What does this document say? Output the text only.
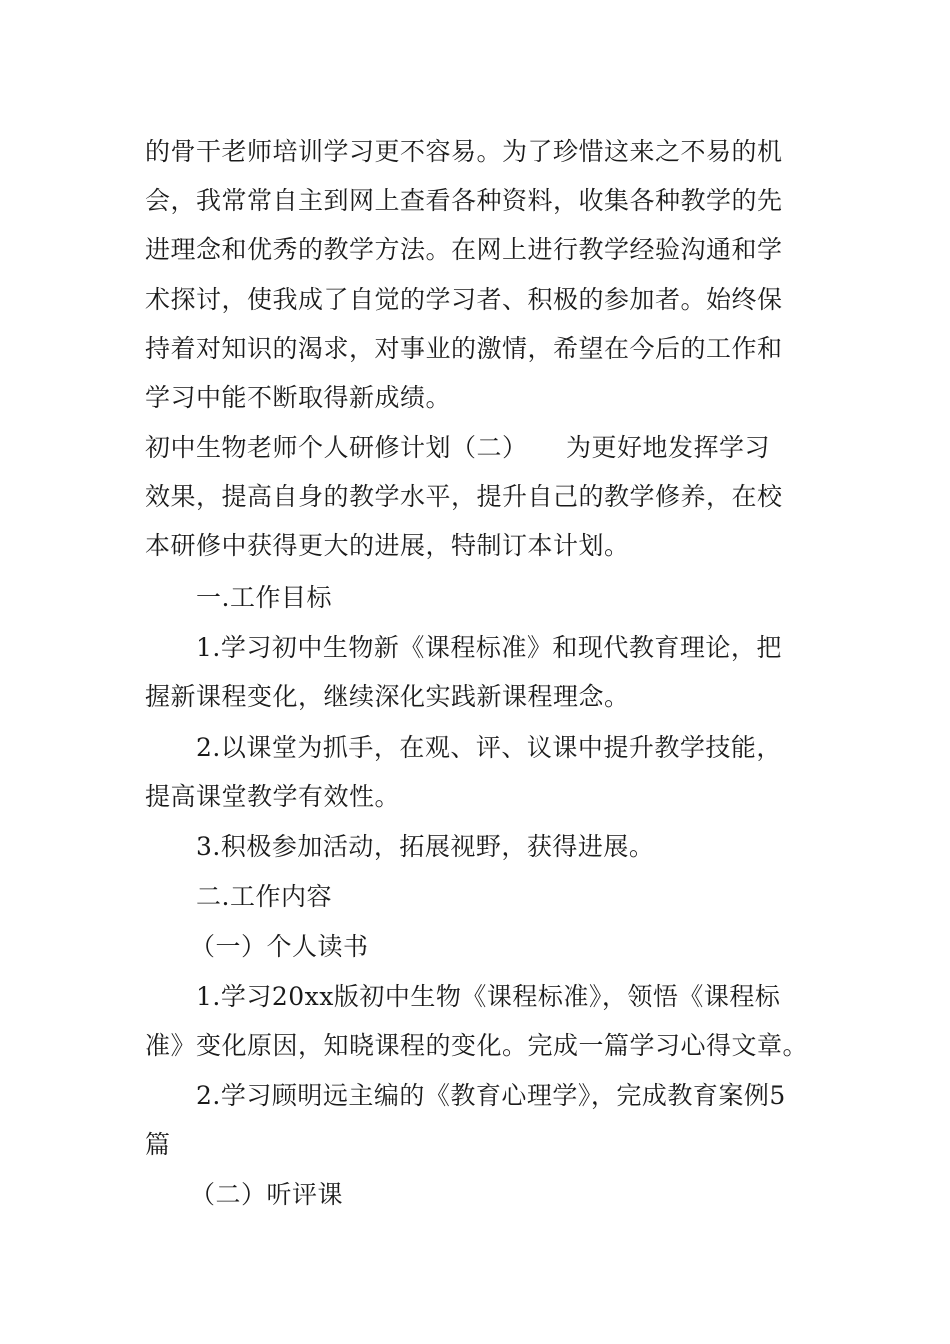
的骨干老师培训学习更不容易。为了珍惜这来之不易的机
会，我常常自主到网上查看各种资料，收集各种教学的先
进理念和优秀的教学方法。在网上进行教学经验沟通和学
术探讨，使我成了自觉的学习者、积极的参加者。始终保
持着对知识的渴求，对事业的激情，希望在今后的工作和
学习中能不断取得新成绩。
初中生物老师个人研修计划（二）　　为更好地发挥学习
效果，提高自身的教学水平，提升自己的教学修养，在校
本研修中获得更大的进展，特制订本计划。
一.工作目标
1.学习初中生物新《课程标准》和现代教育理论，把
握新课程变化，继续深化实践新课程理念。
2.以课堂为抓手，在观、评、议课中提升教学技能，
提高课堂教学有效性。
3.积极参加活动，拓展视野，获得进展。
二.工作内容
（一）个人读书
1.学习20xx版初中生物《课程标准》，领悟《课程标
准》变化原因，知晓课程的变化。完成一篇学习心得文章。
2.学习顾明远主编的《教育心理学》，完成教育案例5
篇
（二）听评课
